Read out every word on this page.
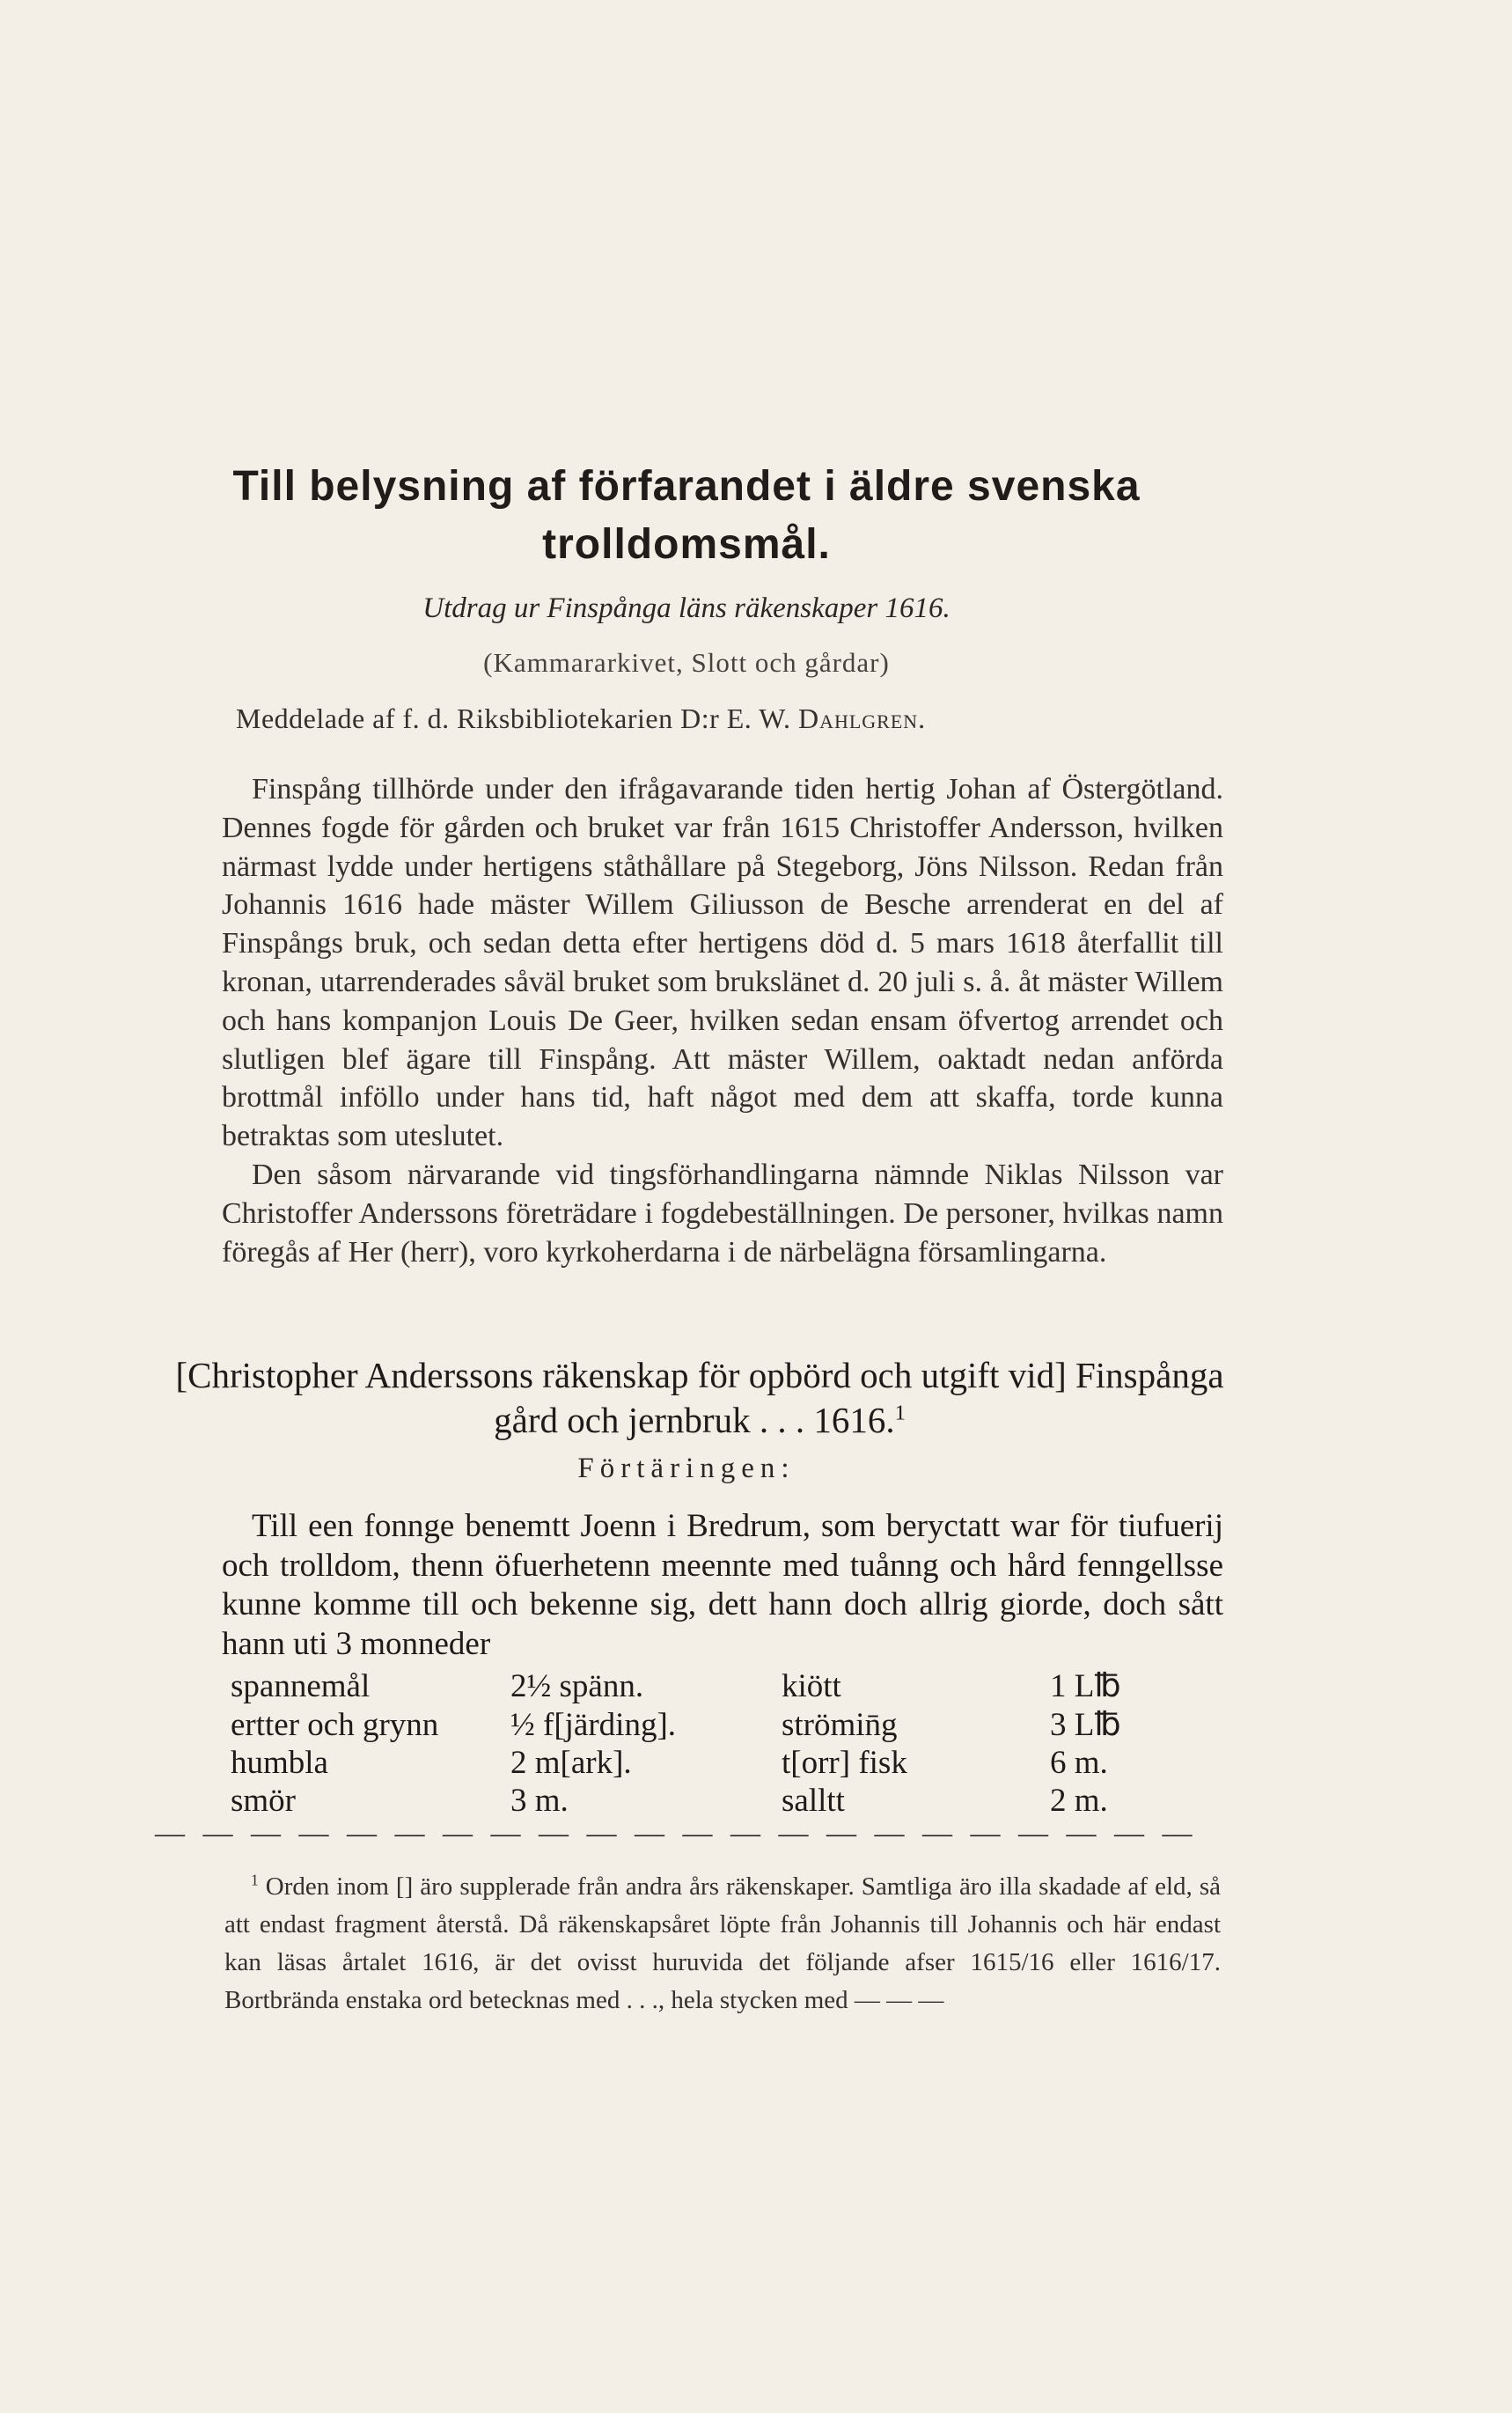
Till belysning af förfarandet i äldre svenska trolldomsmål.
Utdrag ur Finspånga läns räkenskaper 1616.
(Kammararkivet, Slott och gårdar)
Meddelade af f. d. Riksbibliotekarien D:r E. W. Dahlgren.

Finspång tillhörde under den ifrågavarande tiden hertig Johan af Östergötland. Dennes fogde för gården och bruket var från 1615 Christoffer Andersson, hvilken närmast lydde under hertigens ståthållare på Stegeborg, Jöns Nilsson. Redan från Johannis 1616 hade mäster Willem Giliusson de Besche arrenderat en del af Finspångs bruk, och sedan detta efter hertigens död d. 5 mars 1618 återfallit till kronan, utarrenderades såväl bruket som brukslänet d. 20 juli s. å. åt mäster Willem och hans kompanjon Louis De Geer, hvilken sedan ensam öfvertog arrendet och slutligen blef ägare till Finspång. Att mäster Willem, oaktadt nedan anförda brottmål inföllo under hans tid, haft något med dem att skaffa, torde kunna betraktas som uteslutet.

Den såsom närvarande vid tingsförhandlingarna nämnde Niklas Nilsson var Christoffer Anderssons företrädare i fogdebeställningen. De personer, hvilkas namn föregås af Her (herr), voro kyrkoherdarna i de närbelägna församlingarna.

[Christopher Anderssons räkenskap för opbörd och utgift vid] Finspånga gård och jernbruk . . . 1616.$^1$
Förtäringen:
Till een fonnge benemtt Joenn i Bredrum, som beryctatt war för tiufuerij och trolldom, thenn öfuerhetenn meennte med tuånng och hård fenngellsse kunne komme till och bekenne sig, dett hann doch allrig giorde, doch sått hann uti 3 monneder
spannemål	2½ spänn.	kiött	1 L℔
ertter och grynn	½ f[järding].	strömin̄g	3 L℔
humbla	2 m[ark].	t[orr] fisk	6 m.
smör	3 m.	salltt	2 m.
— — — — — — — — — — — — — — — — — — — — — —
$^1$ Orden inom [] äro supplerade från andra års räkenskaper. Samtliga äro illa skadade af eld, så att endast fragment återstå. Då räkenskapsåret löpte från Johannis till Johannis och här endast kan läsas årtalet 1616, är det ovisst huruvida det följande afser 1615/16 eller 1616/17. Bortbrända enstaka ord betecknas med . . ., hela stycken med — — —
